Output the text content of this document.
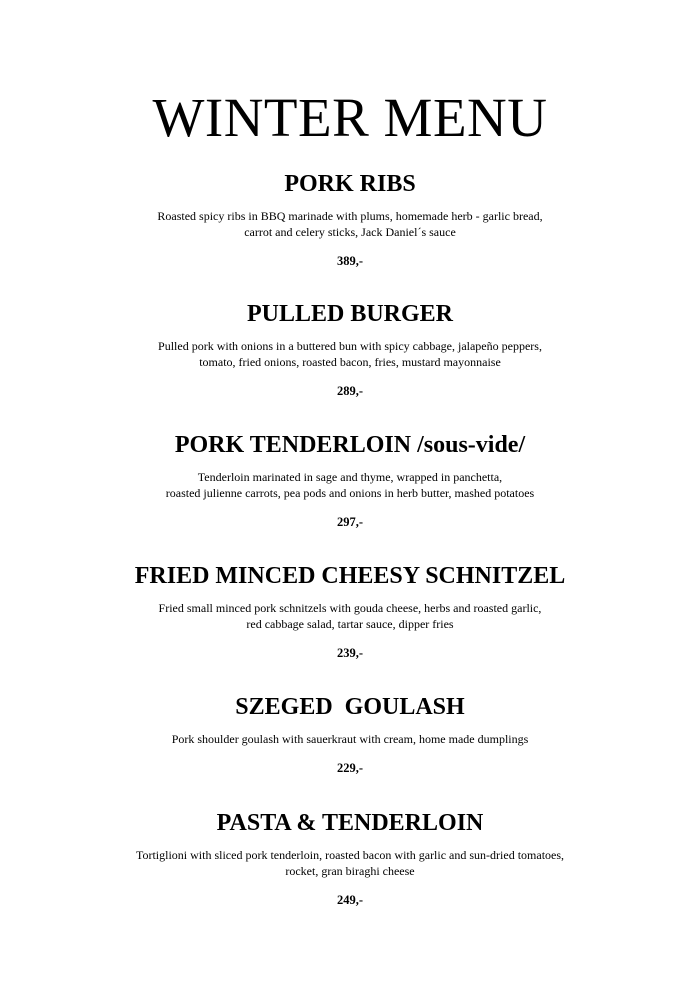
WINTER MENU
PORK RIBS

Roasted spicy ribs in BBQ marinade with plums, homemade herb - garlic bread,
carrot and celery sticks, Jack Daniel´s sauce

389,-

PULLED BURGER

Pulled pork with onions in a buttered bun with spicy cabbage, jalapeño peppers,
tomato, fried onions, roasted bacon, fries, mustard mayonnaise

289,-

PORK TENDERLOIN /sous-vide/

Tenderloin marinated in sage and thyme, wrapped in panchetta,
roasted julienne carrots, pea pods and onions in herb butter, mashed potatoes

297,-

FRIED MINCED CHEESY SCHNITZEL

Fried small minced pork schnitzels with gouda cheese, herbs and roasted garlic,
red cabbage salad, tartar sauce, dipper fries

239,-

SZEGED  GOULASH

Pork shoulder goulash with sauerkraut with cream, home made dumplings

229,-

PASTA & TENDERLOIN

Tortiglioni with sliced pork tenderloin, roasted bacon with garlic and sun-dried tomatoes,
rocket, gran biraghi cheese

249,-
